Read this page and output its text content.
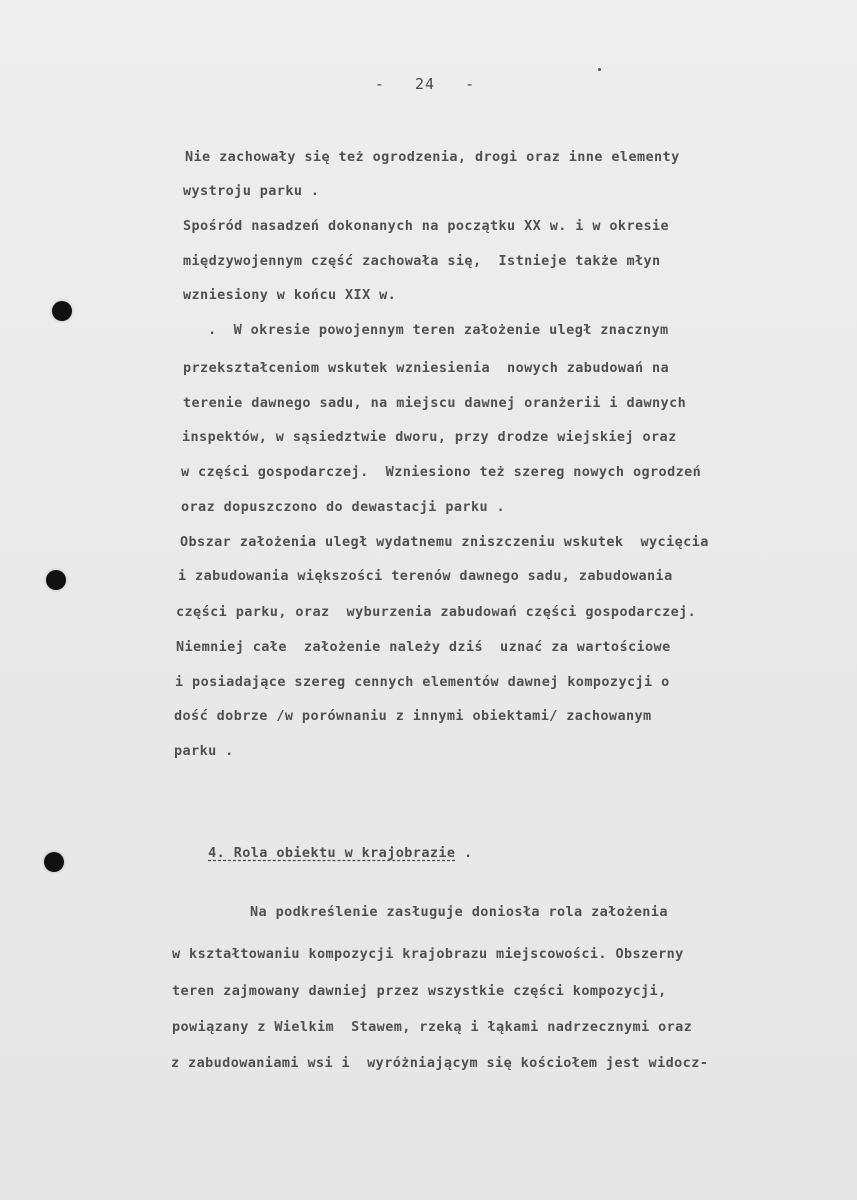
-   24   -
Nie zachowały się też ogrodzenia, drogi oraz inne elementy
wystroju parku .
Spośród nasadzeń dokonanych na początku XX w. i w okresie
międzywojennym część zachowała się,  Istnieje także młyn
wzniesiony w końcu XIX w.
.  W okresie powojennym teren założenie uległ znacznym
przekształceniom wskutek wzniesienia  nowych zabudowań na
terenie dawnego sadu, na miejscu dawnej oranżerii i dawnych
inspektów, w sąsiedztwie dworu, przy drodze wiejskiej oraz
w części gospodarczej.  Wzniesiono też szereg nowych ogrodzeń
oraz dopuszczono do dewastacji parku .
Obszar założenia uległ wydatnemu zniszczeniu wskutek  wycięcia
i zabudowania większości terenów dawnego sadu, zabudowania
części parku, oraz  wyburzenia zabudowań części gospodarczej.
Niemniej całe  założenie należy dziś  uznać za wartościowe
i posiadające szereg cennych elementów dawnej kompozycji o
dość dobrze /w porównaniu z innymi obiektami/ zachowanym
parku .

4. Rola obiektu w krajobrazie .

Na podkreślenie zasługuje doniosła rola założenia
w kształtowaniu kompozycji krajobrazu miejscowości. Obszerny
teren zajmowany dawniej przez wszystkie części kompozycji,
powiązany z Wielkim  Stawem, rzeką i łąkami nadrzecznymi oraz
z zabudowaniami wsi i  wyróżniającym się kościołem jest widocz-
